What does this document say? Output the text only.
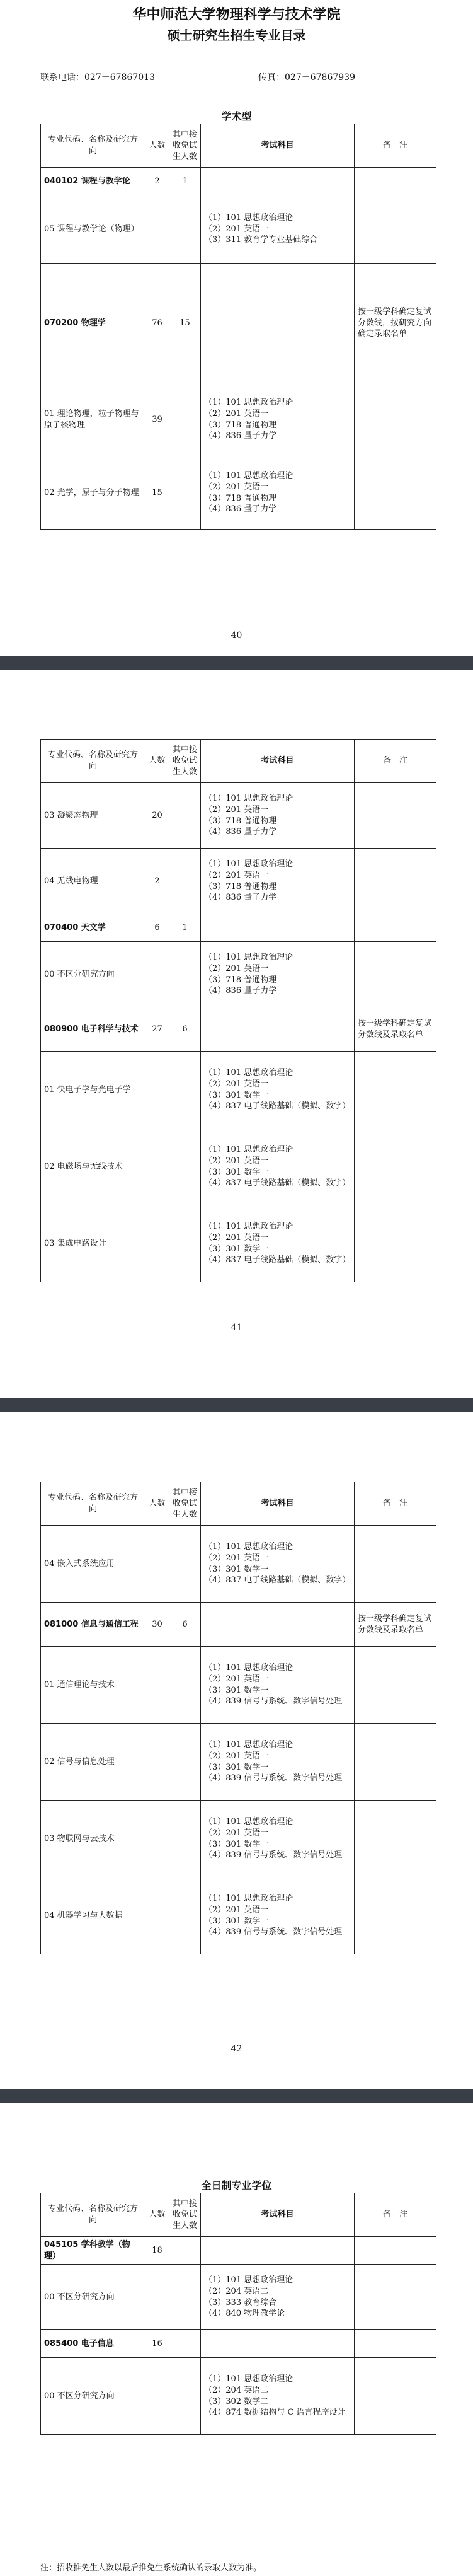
华中师范大学物理科学与技术学院
硕士研究生招生专业目录
联系电话：027－67867013	传真：027－67867939
学术型
专业代码、名称及研究方向	人数	其中接收免试生人数	考试科目	备　注
040102 课程与教学论	2	1		
05 课程与教学论（物理）			（1）101 思想政治理论
（2）201 英语一
（3）311 教育学专业基础综合	

070200 物理学	76	15		按一级学科确定复试分数线，按研究方向确定录取名单
01 理论物理，粒子物理与原子核物理	39		（1）101 思想政治理论
（2）201 英语一
（3）718 普通物理
（4）836 量子力学	

02 光学，原子与分子物理	15		（1）101 思想政治理论
（2）201 英语一
（3）718 普通物理
（4）836 量子力学	

40
专业代码、名称及研究方向	人数	其中接收免试生人数	考试科目	备　注
03 凝聚态物理	20		（1）101 思想政治理论
（2）201 英语一
（3）718 普通物理
（4）836 量子力学	

04 无线电物理	2		（1）101 思想政治理论
（2）201 英语一
（3）718 普通物理
（4）836 量子力学	

070400 天文学	6	1		
00 不区分研究方向			（1）101 思想政治理论
（2）201 英语一
（3）718 普通物理
（4）836 量子力学	

080900 电子科学与技术	27	6		按一级学科确定复试分数线及录取名单
01 快电子学与光电子学			（1）101 思想政治理论
（2）201 英语一
（3）301 数学一
（4）837 电子线路基础（模拟、数字）	

02 电磁场与无线技术			（1）101 思想政治理论
（2）201 英语一
（3）301 数学一
（4）837 电子线路基础（模拟、数字）	

03 集成电路设计			（1）101 思想政治理论
（2）201 英语一
（3）301 数学一
（4）837 电子线路基础（模拟、数字）	

41
专业代码、名称及研究方向	人数	其中接收免试生人数	考试科目	备　注
04 嵌入式系统应用			（1）101 思想政治理论
（2）201 英语一
（3）301 数学一
（4）837 电子线路基础（模拟、数字）	

081000 信息与通信工程	30	6		按一级学科确定复试分数线及录取名单
01 通信理论与技术			（1）101 思想政治理论
（2）201 英语一
（3）301 数学一
（4）839 信号与系统、数字信号处理	

02 信号与信息处理			（1）101 思想政治理论
（2）201 英语一
（3）301 数学一
（4）839 信号与系统、数字信号处理	

03 物联网与云技术			（1）101 思想政治理论
（2）201 英语一
（3）301 数学一
（4）839 信号与系统、数字信号处理	

04 机器学习与大数据			（1）101 思想政治理论
（2）201 英语一
（3）301 数学一
（4）839 信号与系统、数字信号处理	

42
全日制专业学位
专业代码、名称及研究方向	人数	其中接收免试生人数	考试科目	备　注
045105 学科教学（物理）	18			
00 不区分研究方向			（1）101 思想政治理论
（2）204 英语二
（3）333 教育综合
（4）840 物理教学论	

085400 电子信息	16			
00 不区分研究方向			（1）101 思想政治理论
（2）204 英语二
（3）302 数学二
（4）874 数据结构与 C 语言程序设计	

注：招收推免生人数以最后推免生系统确认的录取人数为准。
